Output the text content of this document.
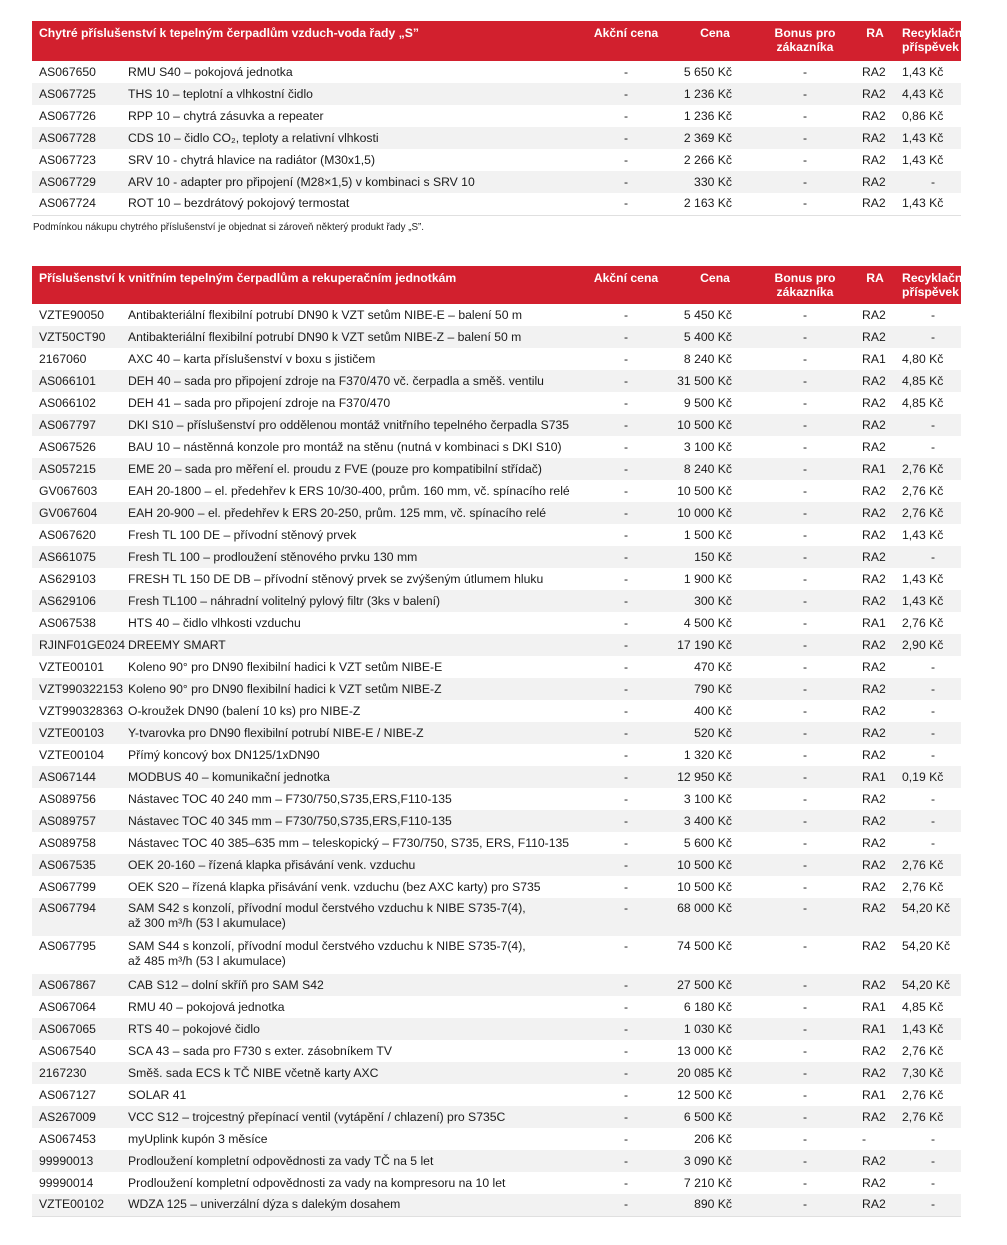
Chytré příslušenství k tepelným čerpadlům vzduch-voda řady „S”		Akční cena	Cena	Bonus pro zákazníka	RA	Recyklační příspěvek
AS067650	RMU S40 – pokojová jednotka	-	5 650 Kč	-	RA2	1,43 Kč
AS067725	THS 10 – teplotní a vlhkostní čidlo	-	1 236 Kč	-	RA2	4,43 Kč
AS067726	RPP 10 – chytrá zásuvka a repeater	-	1 236 Kč	-	RA2	0,86 Kč
AS067728	CDS 10 – čidlo CO₂, teploty a relativní vlhkosti	-	2 369 Kč	-	RA2	1,43 Kč
AS067723	SRV 10 - chytrá hlavice na radiátor (M30x1,5)	-	2 266 Kč	-	RA2	1,43 Kč
AS067729	ARV 10 - adapter pro připojení (M28×1,5) v kombinaci s SRV 10	-	330 Kč	-	RA2	-
AS067724	ROT 10 – bezdrátový pokojový termostat	-	2 163 Kč	-	RA2	1,43 Kč
Podmínkou nákupu chytrého příslušenství je objednat si zároveň některý produkt řady „S”.
Příslušenství k vnitřním tepelným čerpadlům a rekuperačním jednotkám		Akční cena	Cena	Bonus pro zákazníka	RA	Recyklační příspěvek
VZTE90050	Antibakteriální flexibilní potrubí DN90 k VZT setům NIBE-E – balení 50 m	-	5 450 Kč	-	RA2	-
VZT50CT90	Antibakteriální flexibilní potrubí DN90 k VZT setům NIBE-Z – balení 50 m	-	5 400 Kč	-	RA2	-
2167060	AXC 40 – karta příslušenství v boxu s jističem	-	8 240 Kč	-	RA1	4,80 Kč
AS066101	DEH 40 – sada pro připojení zdroje na F370/470 vč. čerpadla a směš. ventilu	-	31 500 Kč	-	RA2	4,85 Kč
AS066102	DEH 41 – sada pro připojení zdroje na F370/470	-	9 500 Kč	-	RA2	4,85 Kč
AS067797	DKI S10 – příslušenství pro oddělenou montáž vnitřního tepelného čerpadla S735	-	10 500 Kč	-	RA2	-
AS067526	BAU 10 – nástěnná konzole pro montáž na stěnu (nutná v kombinaci s DKI S10)	-	3 100 Kč	-	RA2	-
AS057215	EME 20 – sada pro měření el. proudu z FVE (pouze pro kompatibilní střídač)	-	8 240 Kč	-	RA1	2,76 Kč
GV067603	EAH 20-1800 – el. předehřev k ERS 10/30-400, prům. 160 mm, vč. spínacího relé	-	10 500 Kč	-	RA2	2,76 Kč
GV067604	EAH 20-900 – el. předehřev k ERS 20-250, prům. 125 mm, vč. spínacího relé	-	10 000 Kč	-	RA2	2,76 Kč
AS067620	Fresh TL 100 DE – přívodní stěnový prvek	-	1 500 Kč	-	RA2	1,43 Kč
AS661075	Fresh TL 100 – prodloužení stěnového prvku 130 mm	-	150 Kč	-	RA2	-
AS629103	FRESH TL 150 DE DB – přívodní stěnový prvek se zvýšeným útlumem hluku	-	1 900 Kč	-	RA2	1,43 Kč
AS629106	Fresh TL100 – náhradní volitelný pylový filtr (3ks v balení)	-	300 Kč	-	RA2	1,43 Kč
AS067538	HTS 40 – čidlo vlhkosti vzduchu	-	4 500 Kč	-	RA1	2,76 Kč
RJINF01GE024	DREEMY SMART	-	17 190 Kč	-	RA2	2,90 Kč
VZTE00101	Koleno 90° pro DN90 flexibilní hadici k VZT setům NIBE-E	-	470 Kč	-	RA2	-
VZT990322153	Koleno 90° pro DN90 flexibilní hadici k VZT setům NIBE-Z	-	790 Kč	-	RA2	-
VZT990328363	O-kroužek DN90 (balení 10 ks) pro NIBE-Z	-	400 Kč	-	RA2	-
VZTE00103	Y-tvarovka pro DN90 flexibilní potrubí NIBE-E / NIBE-Z	-	520 Kč	-	RA2	-
VZTE00104	Přímý koncový box DN125/1xDN90	-	1 320 Kč	-	RA2	-
AS067144	MODBUS 40 – komunikační jednotka	-	12 950 Kč	-	RA1	0,19 Kč
AS089756	Nástavec TOC 40 240 mm – F730/750,S735,ERS,F110-135	-	3 100 Kč	-	RA2	-
AS089757	Nástavec TOC 40 345 mm – F730/750,S735,ERS,F110-135	-	3 400 Kč	-	RA2	-
AS089758	Nástavec TOC 40 385–635 mm – teleskopický – F730/750, S735, ERS, F110-135	-	5 600 Kč	-	RA2	-
AS067535	OEK 20-160 – řízená klapka přisávání venk. vzduchu	-	10 500 Kč	-	RA2	2,76 Kč
AS067799	OEK S20 – řízená klapka přisávání venk. vzduchu (bez AXC karty) pro S735	-	10 500 Kč	-	RA2	2,76 Kč
AS067794	SAM S42 s konzolí, přívodní modul čerstvého vzduchu k NIBE S735-7(4),
až 300 m³/h (53 l akumulace)	-	68 000 Kč	-	RA2	54,20 Kč
AS067795	SAM S44 s konzolí, přívodní modul čerstvého vzduchu k NIBE S735-7(4),
až 485 m³/h (53 l akumulace)	-	74 500 Kč	-	RA2	54,20 Kč
AS067867	CAB S12 – dolní skříň pro SAM S42	-	27 500 Kč	-	RA2	54,20 Kč
AS067064	RMU 40 – pokojová jednotka	-	6 180 Kč	-	RA1	4,85 Kč
AS067065	RTS 40 – pokojové čidlo	-	1 030 Kč	-	RA1	1,43 Kč
AS067540	SCA 43 – sada pro F730 s exter. zásobníkem TV	-	13 000 Kč	-	RA2	2,76 Kč
2167230	Směš. sada ECS k TČ NIBE včetně karty AXC	-	20 085 Kč	-	RA2	7,30 Kč
AS067127	SOLAR 41	-	12 500 Kč	-	RA1	2,76 Kč
AS267009	VCC S12 – trojcestný přepínací ventil (vytápění / chlazení) pro S735C	-	6 500 Kč	-	RA2	2,76 Kč
AS067453	myUplink kupón 3 měsíce	-	206 Kč	-	-	-
99990013	Prodloužení kompletní odpovědnosti za vady TČ na 5 let	-	3 090 Kč	-	RA2	-
99990014	Prodloužení kompletní odpovědnosti za vady na kompresoru na 10 let	-	7 210 Kč	-	RA2	-
VZTE00102	WDZA 125 – univerzální dýza s dalekým dosahem	-	890 Kč	-	RA2	-
